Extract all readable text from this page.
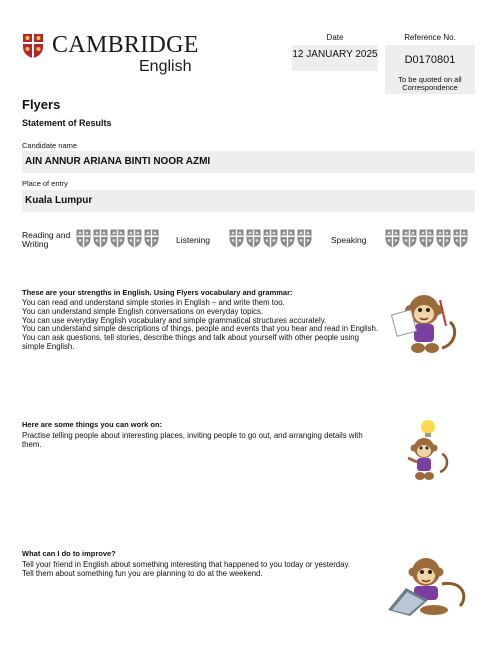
CAMBRIDGE
English
Date
12 JANUARY 2025
Reference No.
D0170801
To be quoted on all Correspondence
Flyers
Statement of Results
Candidate name
AIN ANNUR ARIANA BINTI NOOR AZMI
Place of entry
Kuala Lumpur
Reading and Writing	Listening	Speaking
These are your strengths in English. Using Flyers vocabulary and grammar:
You can read and understand simple stories in English – and write them too.
You can understand simple English conversations on everyday topics.
You can use everyday English vocabulary and simple grammatical structures accurately.
You can understand simple descriptions of things, people and events that you hear and read in English.
You can ask questions, tell stories, describe things and talk about yourself with other people using simple English.
Here are some things you can work on:
Practise telling people about interesting places, inviting people to go out, and arranging details with them.
What can I do to improve?
Tell your friend in English about something interesting that happened to you today or yesterday.
Tell them about something fun you are planning to do at the weekend.
